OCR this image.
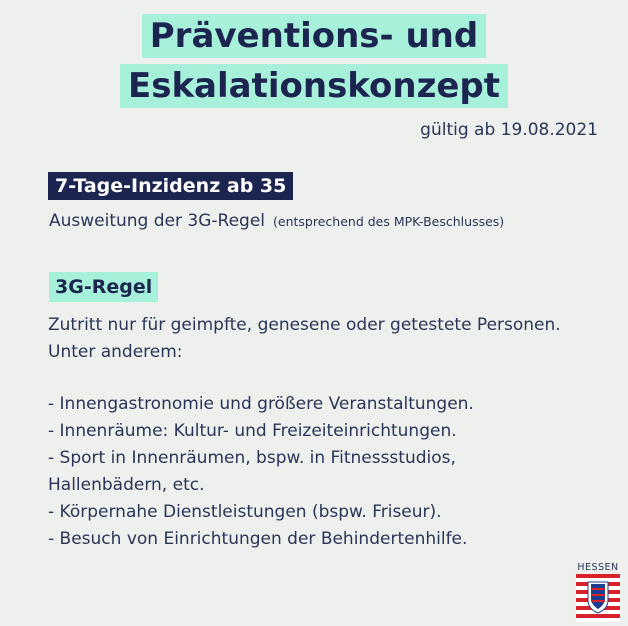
Präventions- und
Eskalationskonzept
gültig ab 19.08.2021
7-Tage-Inzidenz ab 35
Ausweitung der 3G-Regel (entsprechend des MPK-Beschlusses)
3G-Regel

Zutritt nur für geimpfte, genesene oder getestete Personen.

Unter anderem:

- Innengastronomie und größere Veranstaltungen.

- Innenräume: Kultur- und Freizeiteinrichtungen.

- Sport in Innenräumen, bspw. in Fitnessstudios,

Hallenbädern, etc.

- Körpernahe Dienstleistungen (bspw. Friseur).

- Besuch von Einrichtungen der Behindertenhilfe.

HESSEN
